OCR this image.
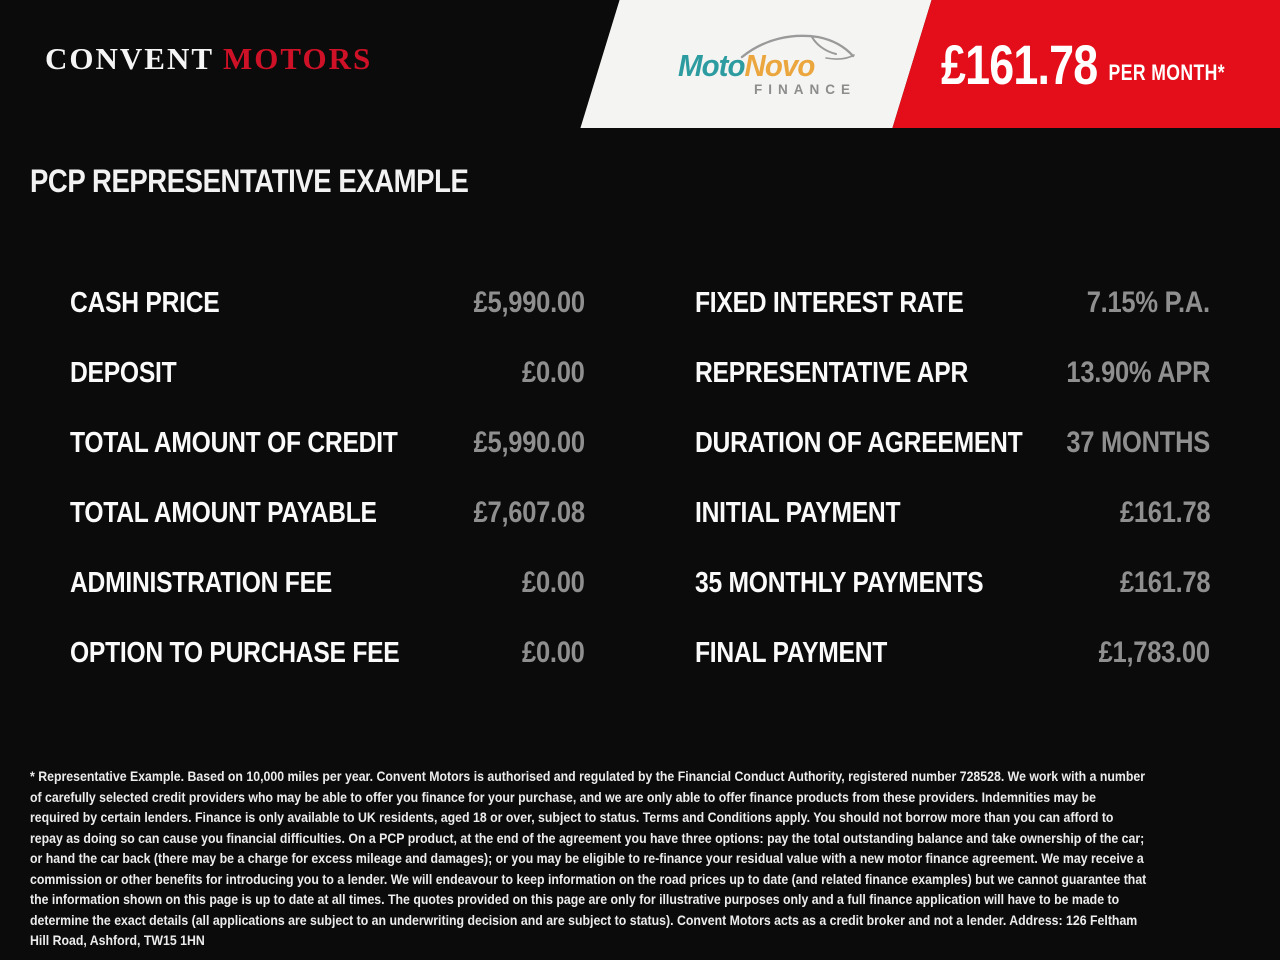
CONVENT MOTORS	MotoNovo
FINANCE £161.78 PER MONTH*
PCP REPRESENTATIVE EXAMPLE
CASH PRICE	£5,990.00	FIXED INTEREST RATE	7.15% P.A.
DEPOSIT	£0.00	REPRESENTATIVE APR	13.90% APR
TOTAL AMOUNT OF CREDIT	£5,990.00	DURATION OF AGREEMENT 37 MONTHS
TOTAL AMOUNT PAYABLE	£7,607.08	INITIAL PAYMENT	£161.78
ADMINISTRATION FEE	£0.00	35 MONTHLY PAYMENTS	£161.78
OPTION TO PURCHASE FEE	£0.00	FINAL PAYMENT	£1,783.00

* Representative Example. Based on 10,000 miles per year. Convent Motors is authorised and regulated by the Financial Conduct Authority, registered number 728528. We work with a number of carefully selected credit providers who may be able to offer you finance for your purchase, and we are only able to offer finance products from these providers. Indemnities may be required by certain lenders. Finance is only available to UK residents, aged 18 or over, subject to status. Terms and Conditions apply. You should not borrow more than you can afford to repay as doing so can cause you financial difficulties. On a PCP product, at the end of the agreement you have three options: pay the total outstanding balance and take ownership of the car; or hand the car back (there may be a charge for excess mileage and damages); or you may be eligible to re-finance your residual value with a new motor finance agreement. We may receive a commission or other benefits for introducing you to a lender. We will endeavour to keep information on the road prices up to date (and related finance examples) but we cannot guarantee that the information shown on this page is up to date at all times. The quotes provided on this page are only for illustrative purposes only and a full finance application will have to be made to determine the exact details (all applications are subject to an underwriting decision and are subject to status). Convent Motors acts as a credit broker and not a lender. Address: 126 Feltham Hill Road, Ashford, TW15 1HN
